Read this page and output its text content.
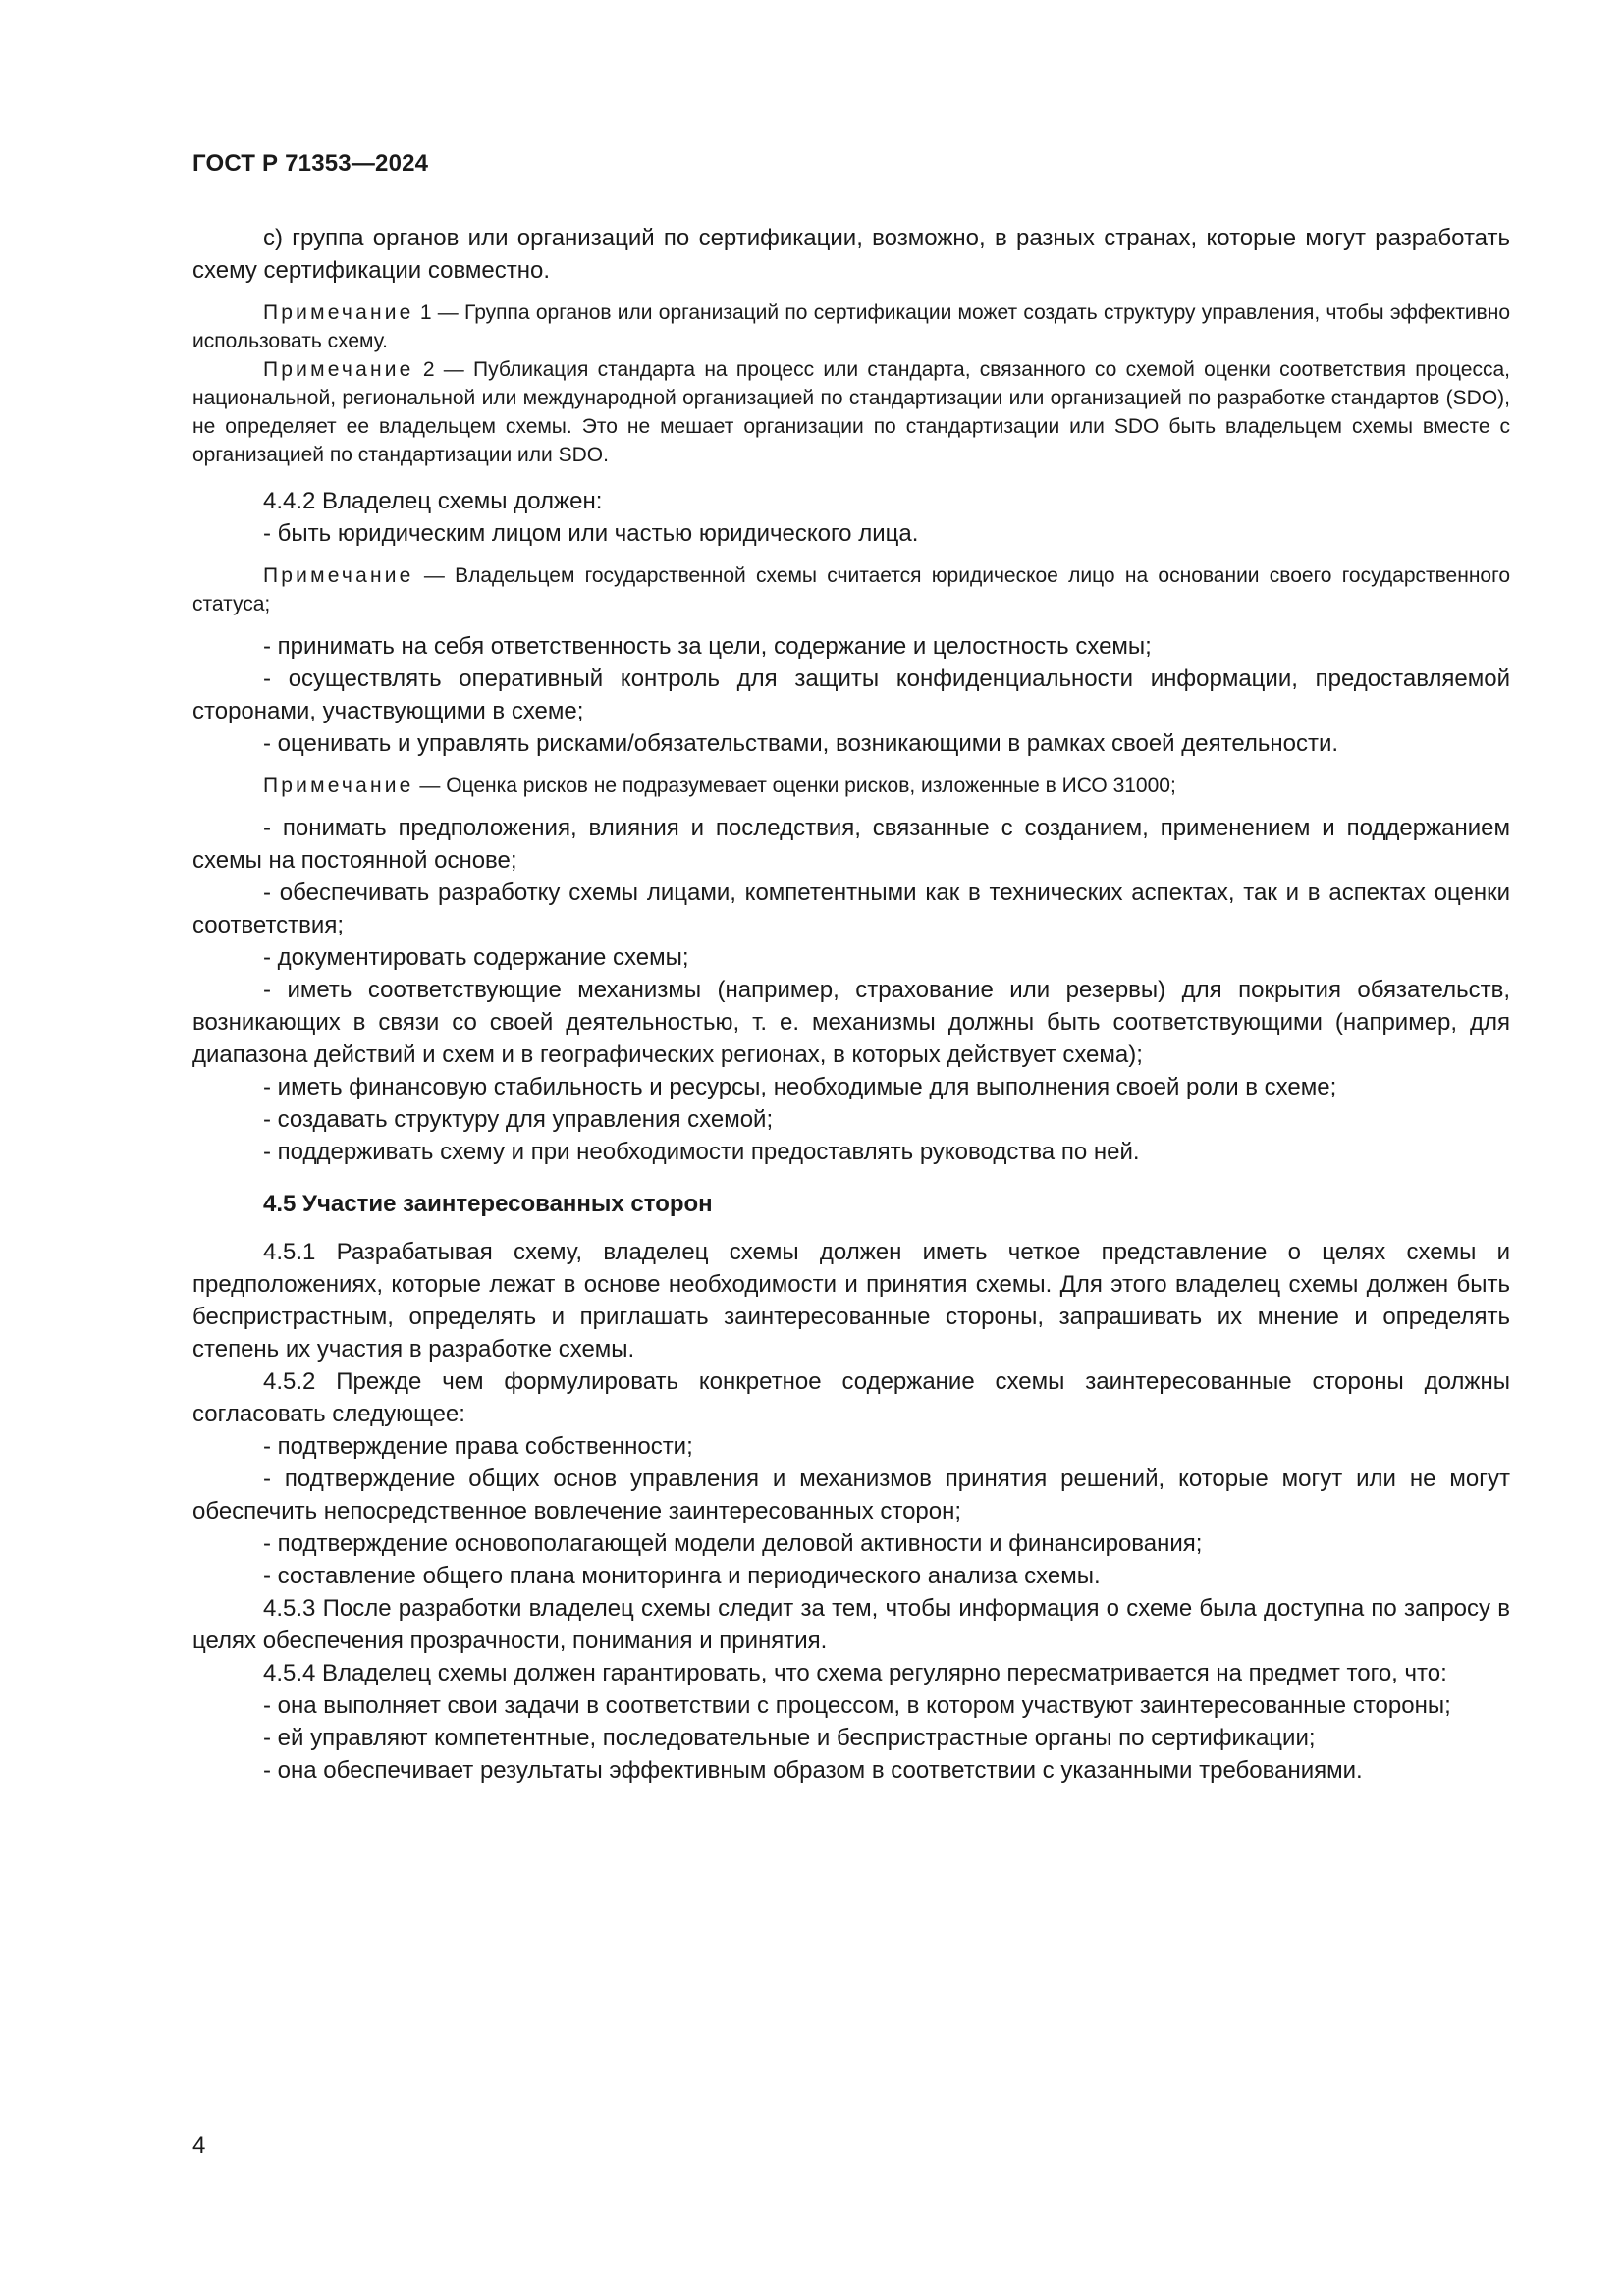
ГОСТ Р 71353—2024

с) группа органов или организаций по сертификации, возможно, в разных странах, которые могут разработать схему сертификации совместно.

Примечание 1 — Группа органов или организаций по сертификации может создать структуру управления, чтобы эффективно использовать схему.

Примечание 2 — Публикация стандарта на процесс или стандарта, связанного со схемой оценки соответствия процесса, национальной, региональной или международной организацией по стандартизации или организацией по разработке стандартов (SDO), не определяет ее владельцем схемы. Это не мешает организации по стандартизации или SDO быть владельцем схемы вместе с организацией по стандартизации или SDO.

4.4.2 Владелец схемы должен:

- быть юридическим лицом или частью юридического лица.

Примечание — Владельцем государственной схемы считается юридическое лицо на основании своего государственного статуса;

- принимать на себя ответственность за цели, содержание и целостность схемы;

- осуществлять оперативный контроль для защиты конфиденциальности информации, предоставляемой сторонами, участвующими в схеме;

- оценивать и управлять рисками/обязательствами, возникающими в рамках своей деятельности.

Примечание — Оценка рисков не подразумевает оценки рисков, изложенные в ИСО 31000;

- понимать предположения, влияния и последствия, связанные с созданием, применением и поддержанием схемы на постоянной основе;

- обеспечивать разработку схемы лицами, компетентными как в технических аспектах, так и в аспектах оценки соответствия;

- документировать содержание схемы;

- иметь соответствующие механизмы (например, страхование или резервы) для покрытия обязательств, возникающих в связи со своей деятельностью, т. е. механизмы должны быть соответствующими (например, для диапазона действий и схем и в географических регионах, в которых действует схема);

- иметь финансовую стабильность и ресурсы, необходимые для выполнения своей роли в схеме;

- создавать структуру для управления схемой;

- поддерживать схему и при необходимости предоставлять руководства по ней.

4.5 Участие заинтересованных сторон

4.5.1 Разрабатывая схему, владелец схемы должен иметь четкое представление о целях схемы и предположениях, которые лежат в основе необходимости и принятия схемы. Для этого владелец схемы должен быть беспристрастным, определять и приглашать заинтересованные стороны, запрашивать их мнение и определять степень их участия в разработке схемы.

4.5.2 Прежде чем формулировать конкретное содержание схемы заинтересованные стороны должны согласовать следующее:

- подтверждение права собственности;

- подтверждение общих основ управления и механизмов принятия решений, которые могут или не могут обеспечить непосредственное вовлечение заинтересованных сторон;

- подтверждение основополагающей модели деловой активности и финансирования;

- составление общего плана мониторинга и периодического анализа схемы.

4.5.3 После разработки владелец схемы следит за тем, чтобы информация о схеме была доступна по запросу в целях обеспечения прозрачности, понимания и принятия.

4.5.4 Владелец схемы должен гарантировать, что схема регулярно пересматривается на предмет того, что:

- она выполняет свои задачи в соответствии с процессом, в котором участвуют заинтересованные стороны;

- ей управляют компетентные, последовательные и беспристрастные органы по сертификации;

- она обеспечивает результаты эффективным образом в соответствии с указанными требованиями.

4
